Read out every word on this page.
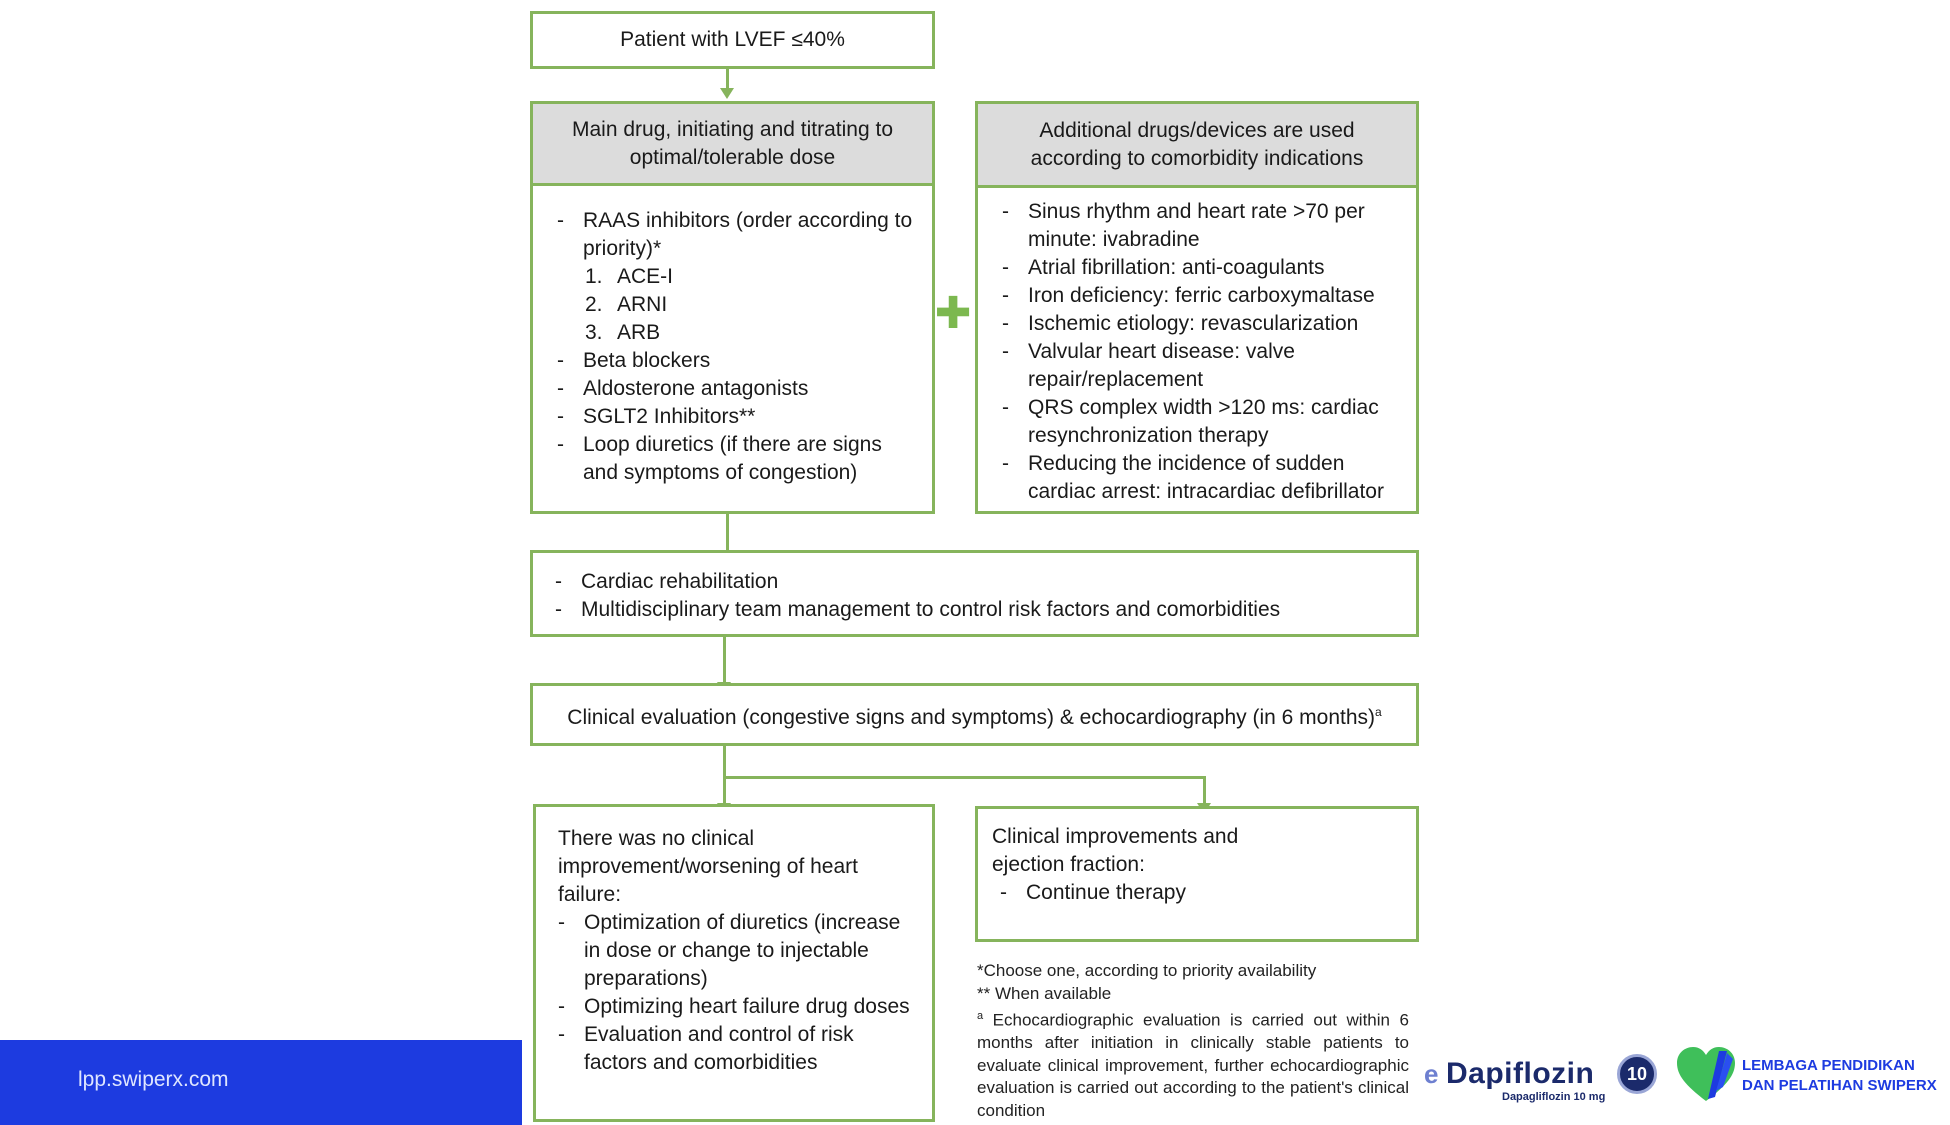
Patient with LVEF ≤40%
Main drug, initiating and titrating to optimal/tolerable dose
- RAAS inhibitors (order according to priority)*
1. ACE-I
2. ARNI
3. ARB
- Beta blockers
- Aldosterone antagonists
- SGLT2 Inhibitors**
- Loop diuretics (if there are signs and symptoms of congestion)
✚
Additional drugs/devices are used according to comorbidity indications
- Sinus rhythm and heart rate >70 per minute: ivabradine
- Atrial fibrillation: anti-coagulants
- Iron deficiency: ferric carboxymaltase
- Ischemic etiology: revascularization
- Valvular heart disease: valve repair/replacement
- QRS complex width >120 ms: cardiac resynchronization therapy
- Reducing the incidence of sudden cardiac arrest: intracardiac defibrillator
- Cardiac rehabilitation
- Multidisciplinary team management to control risk factors and comorbidities
Clinical evaluation (congestive signs and symptoms) & echocardiography (in 6 months)$^a$
There was no clinical improvement/worsening of heart failure:
- Optimization of diuretics (increase in dose or change to injectable preparations)
- Optimizing heart failure drug doses
- Evaluation and control of risk factors and comorbidities
Clinical improvements and ejection fraction:
- Continue therapy

*Choose one, according to priority availability

** When available

$^a$ Echocardiographic evaluation is carried out within 6 months after initiation in clinically stable patients to evaluate clinical improvement, further echocardiographic evaluation is carried out according to the patient's clinical condition

lpp.swiperx.com	e Dapiflozin
Dapagliflozin 10 mg
10	LEMBAGA PENDIDIKAN
DAN PELATIHAN SWIPERX
